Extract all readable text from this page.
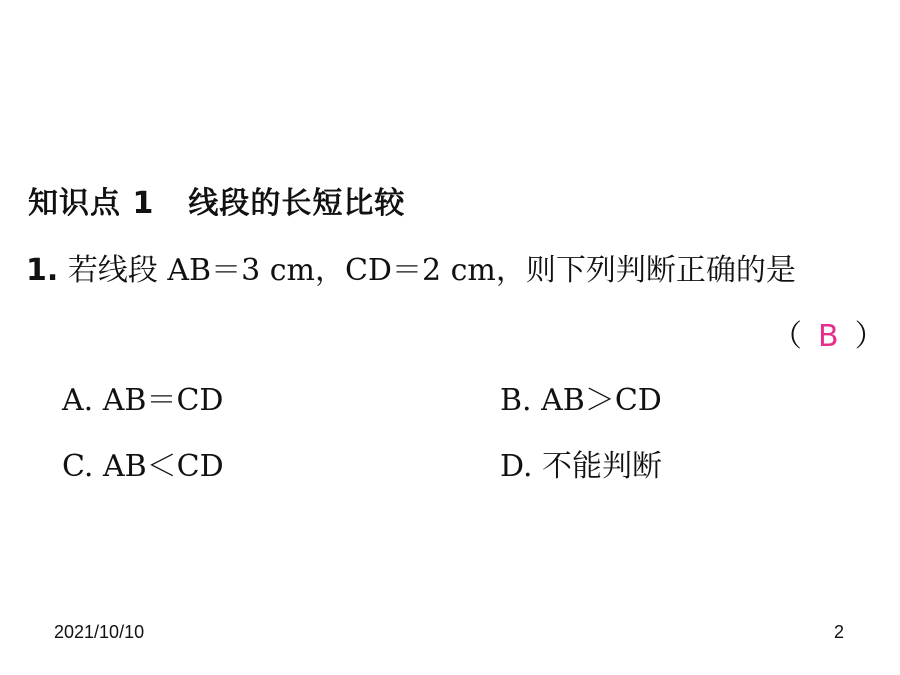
知识点 1 线段的长短比较
1. 若线段 AB＝3 cm，CD＝2 cm，则下列判断正确的是
（ B ）
A. AB＝CD	B. AB＞CD
C. AB＜CD	D. 不能判断
2021/10/10	2
